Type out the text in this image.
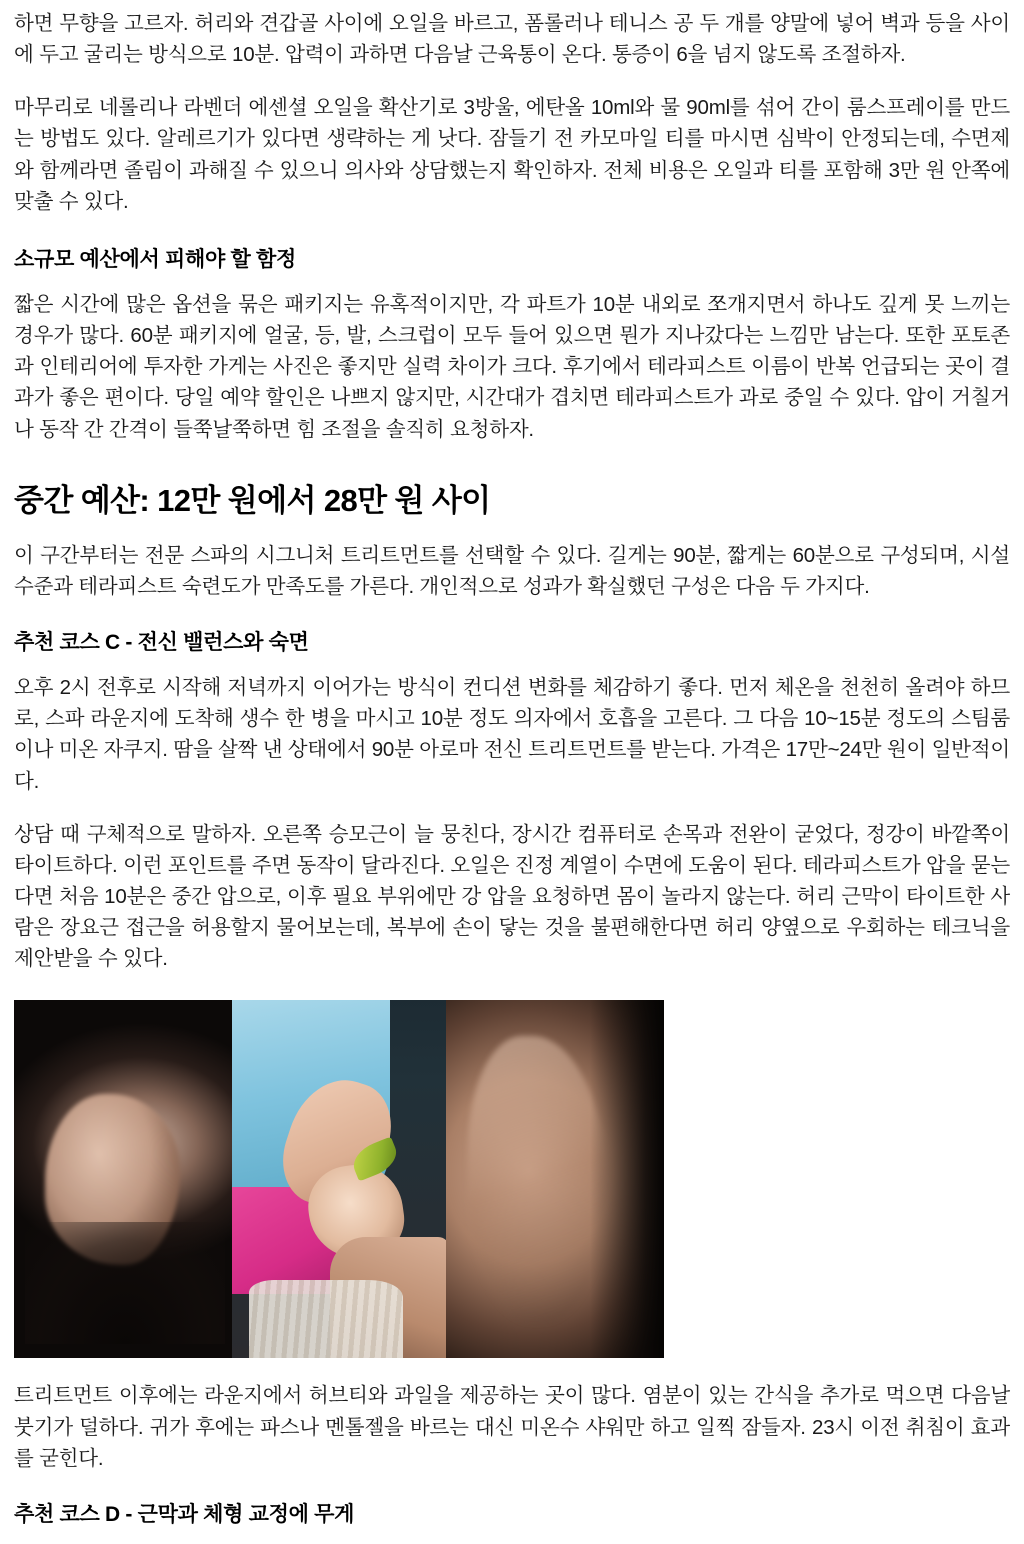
하면 무향을 고르자. 허리와 견갑골 사이에 오일을 바르고, 폼롤러나 테니스 공 두 개를 양말에 넣어 벽과 등을 사이에 두고 굴리는 방식으로 10분. 압력이 과하면 다음날 근육통이 온다. 통증이 6을 넘지 않도록 조절하자.

마무리로 네롤리나 라벤더 에센셜 오일을 확산기로 3방울, 에탄올 10ml와 물 90ml를 섞어 간이 룸스프레이를 만드는 방법도 있다. 알레르기가 있다면 생략하는 게 낫다. 잠들기 전 카모마일 티를 마시면 심박이 안정되는데, 수면제와 함께라면 졸림이 과해질 수 있으니 의사와 상담했는지 확인하자. 전체 비용은 오일과 티를 포함해 3만 원 안쪽에 맞출 수 있다.

소규모 예산에서 피해야 할 함정

짧은 시간에 많은 옵션을 묶은 패키지는 유혹적이지만, 각 파트가 10분 내외로 쪼개지면서 하나도 깊게 못 느끼는 경우가 많다. 60분 패키지에 얼굴, 등, 발, 스크럽이 모두 들어 있으면 뭔가 지나갔다는 느낌만 남는다. 또한 포토존과 인테리어에 투자한 가게는 사진은 좋지만 실력 차이가 크다. 후기에서 테라피스트 이름이 반복 언급되는 곳이 결과가 좋은 편이다. 당일 예약 할인은 나쁘지 않지만, 시간대가 겹치면 테라피스트가 과로 중일 수 있다. 압이 거칠거나 동작 간 간격이 들쭉날쭉하면 힘 조절을 솔직히 요청하자.

중간 예산: 12만 원에서 28만 원 사이

이 구간부터는 전문 스파의 시그니처 트리트먼트를 선택할 수 있다. 길게는 90분, 짧게는 60분으로 구성되며, 시설 수준과 테라피스트 숙련도가 만족도를 가른다. 개인적으로 성과가 확실했던 구성은 다음 두 가지다.

추천 코스 C - 전신 밸런스와 숙면

오후 2시 전후로 시작해 저녁까지 이어가는 방식이 컨디션 변화를 체감하기 좋다. 먼저 체온을 천천히 올려야 하므로, 스파 라운지에 도착해 생수 한 병을 마시고 10분 정도 의자에서 호흡을 고른다. 그 다음 10~15분 정도의 스팀룸이나 미온 자쿠지. 땀을 살짝 낸 상태에서 90분 아로마 전신 트리트먼트를 받는다. 가격은 17만~24만 원이 일반적이다.

상담 때 구체적으로 말하자. 오른쪽 승모근이 늘 뭉친다, 장시간 컴퓨터로 손목과 전완이 굳었다, 정강이 바깥쪽이 타이트하다. 이런 포인트를 주면 동작이 달라진다. 오일은 진정 계열이 수면에 도움이 된다. 테라피스트가 압을 묻는다면 처음 10분은 중간 압으로, 이후 필요 부위에만 강 압을 요청하면 몸이 놀라지 않는다. 허리 근막이 타이트한 사람은 장요근 접근을 허용할지 물어보는데, 복부에 손이 닿는 것을 불편해한다면 허리 양옆으로 우회하는 테크닉을 제안받을 수 있다.

트리트먼트 이후에는 라운지에서 허브티와 과일을 제공하는 곳이 많다. 염분이 있는 간식을 추가로 먹으면 다음날 붓기가 덜하다. 귀가 후에는 파스나 멘톨젤을 바르는 대신 미온수 샤워만 하고 일찍 잠들자. 23시 이전 취침이 효과를 굳힌다.

추천 코스 D - 근막과 체형 교정에 무게
